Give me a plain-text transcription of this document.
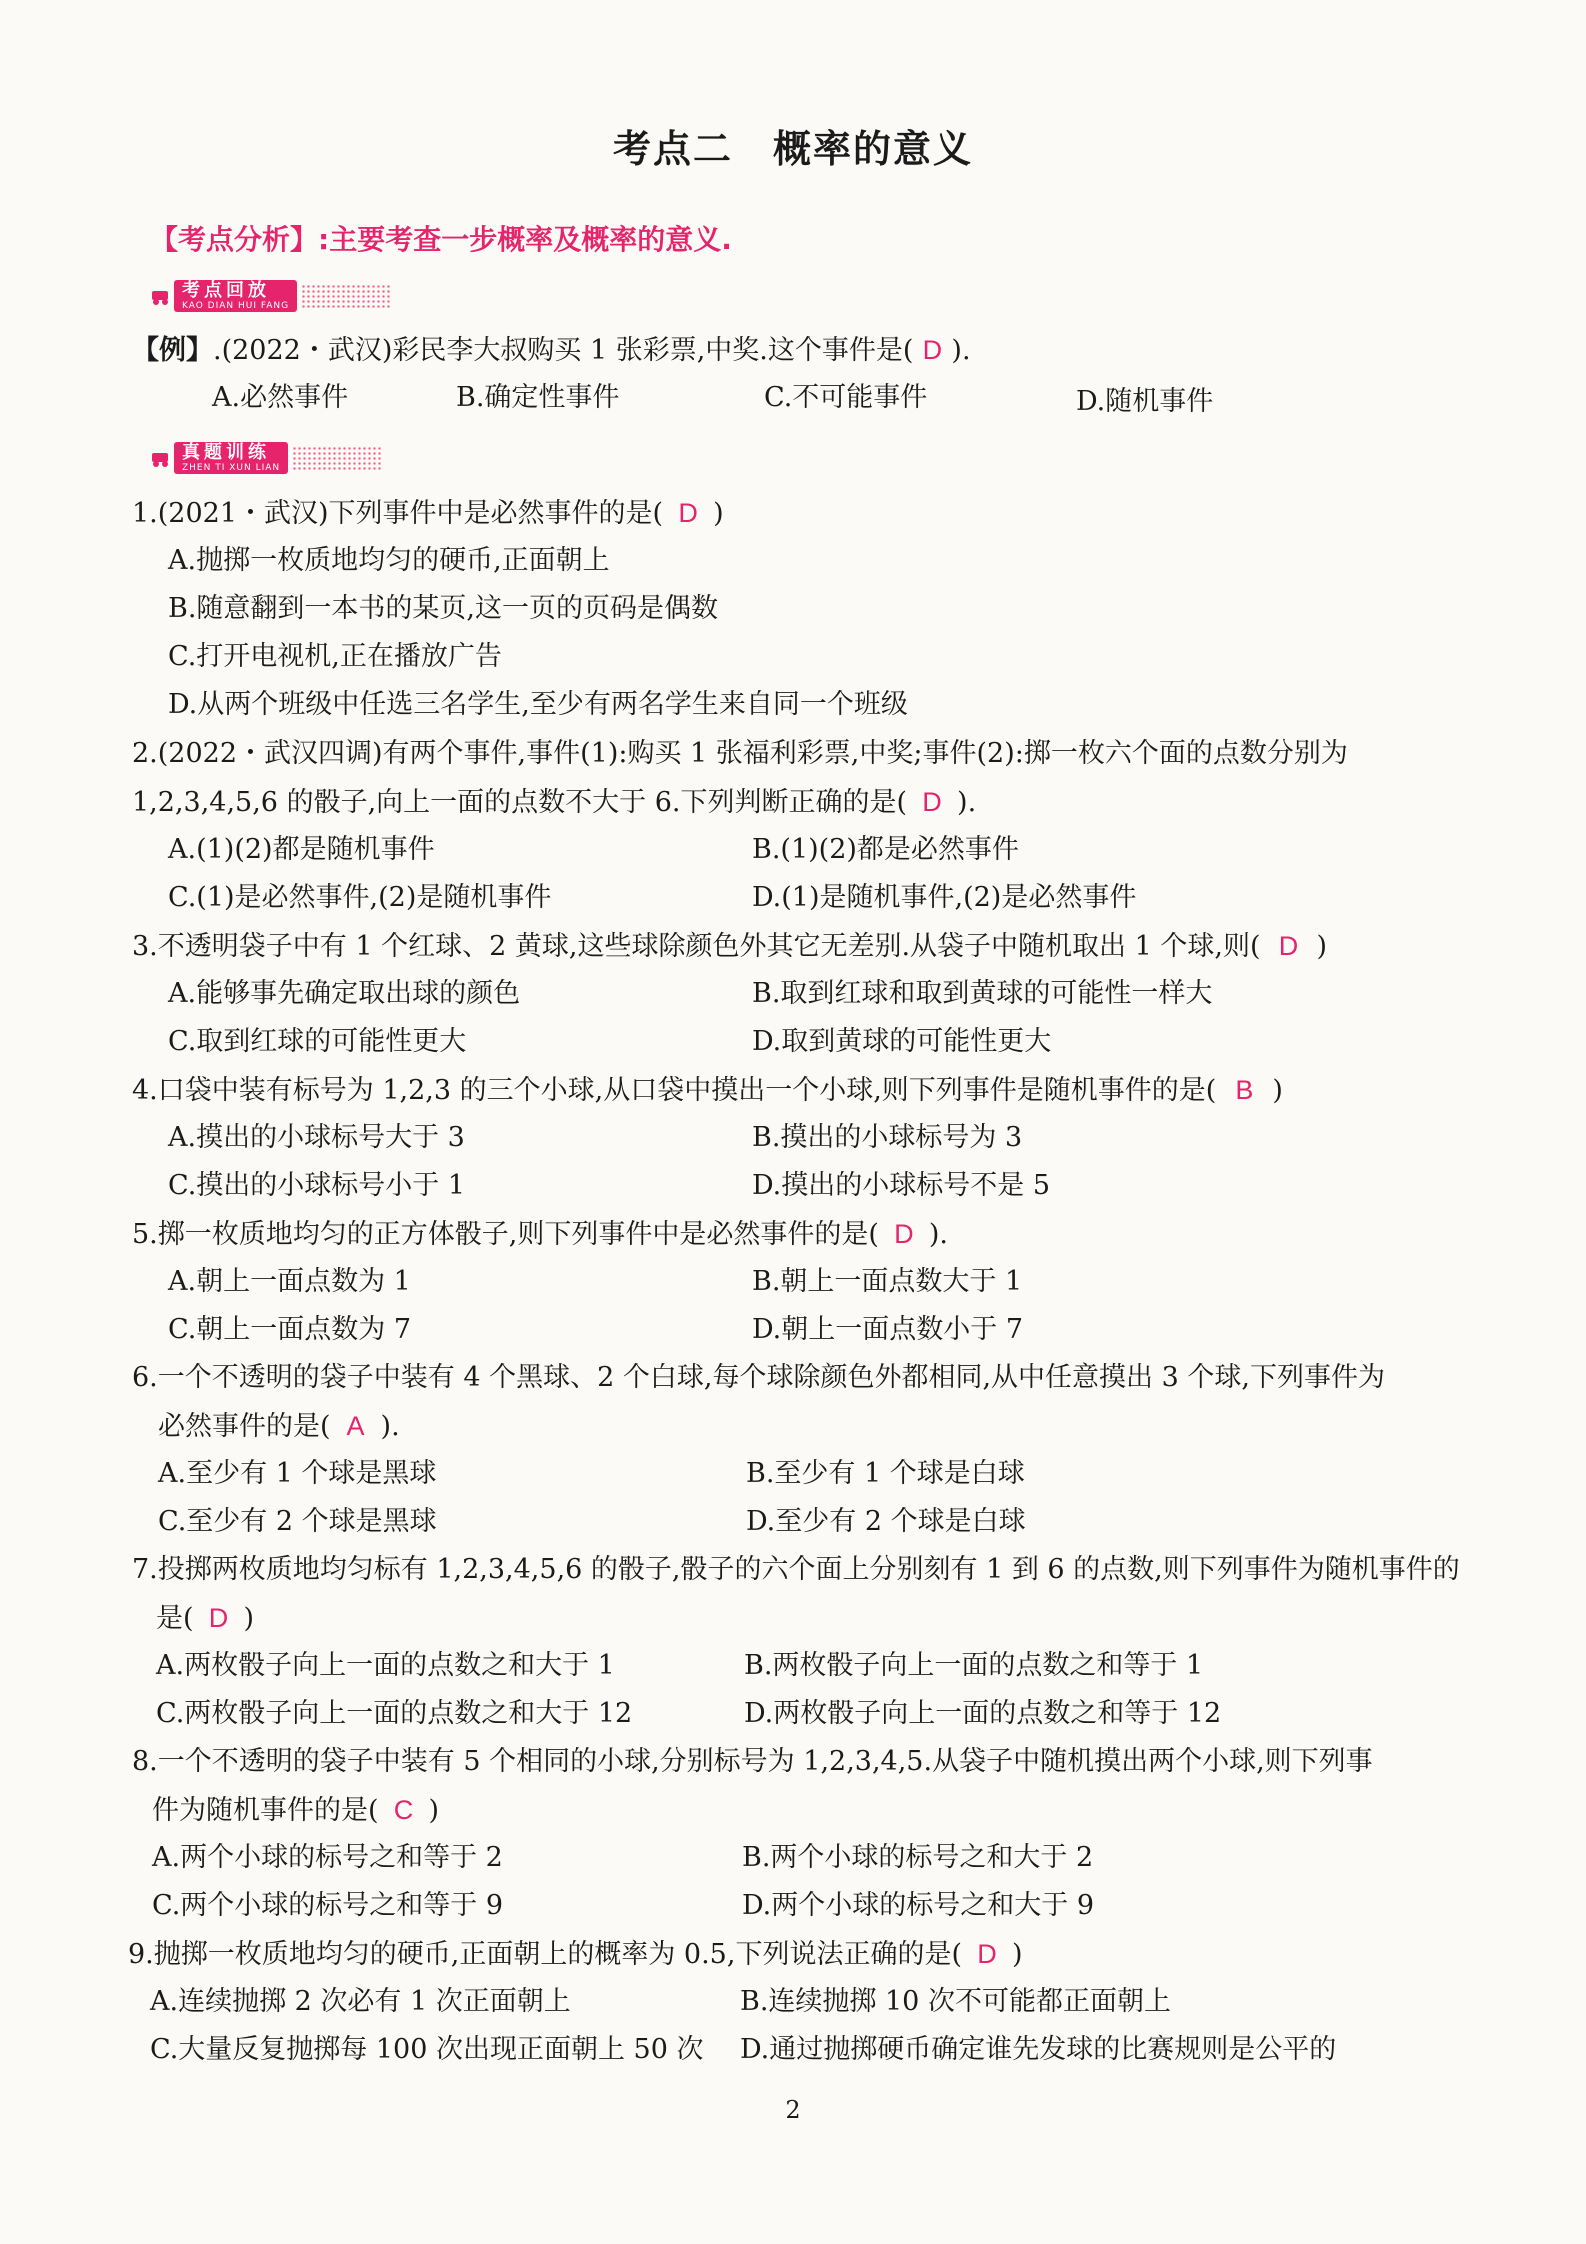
考点二　概率的意义
【考点分析】:主要考查一步概率及概率的意义.
考点回放
KAO DIAN HUI FANG
【例】.(2022・武汉)彩民李大叔购买 1 张彩票,中奖.这个事件是( D ).
A.必然事件	B.确定性事件	C.不可能事件	D.随机事件
真题训练
ZHEN TI XUN LIAN
1.(2021・武汉)下列事件中是必然事件的是( D )
A.抛掷一枚质地均匀的硬币,正面朝上
B.随意翻到一本书的某页,这一页的页码是偶数
C.打开电视机,正在播放广告
D.从两个班级中任选三名学生,至少有两名学生来自同一个班级
2.(2022・武汉四调)有两个事件,事件(1):购买 1 张福利彩票,中奖;事件(2):掷一枚六个面的点数分别为
1,2,3,4,5,6 的骰子,向上一面的点数不大于 6.下列判断正确的是( D ).
A.(1)(2)都是随机事件	B.(1)(2)都是必然事件
C.(1)是必然事件,(2)是随机事件	D.(1)是随机事件,(2)是必然事件
3.不透明袋子中有 1 个红球、2 黄球,这些球除颜色外其它无差别.从袋子中随机取出 1 个球,则( D )
A.能够事先确定取出球的颜色	B.取到红球和取到黄球的可能性一样大
C.取到红球的可能性更大	D.取到黄球的可能性更大
4.口袋中装有标号为 1,2,3 的三个小球,从口袋中摸出一个小球,则下列事件是随机事件的是( B )
A.摸出的小球标号大于 3	B.摸出的小球标号为 3
C.摸出的小球标号小于 1	D.摸出的小球标号不是 5
5.掷一枚质地均匀的正方体骰子,则下列事件中是必然事件的是( D ).
A.朝上一面点数为 1	B.朝上一面点数大于 1
C.朝上一面点数为 7	D.朝上一面点数小于 7
6.一个不透明的袋子中装有 4 个黑球、2 个白球,每个球除颜色外都相同,从中任意摸出 3 个球,下列事件为
必然事件的是( A ).
A.至少有 1 个球是黑球	B.至少有 1 个球是白球
C.至少有 2 个球是黑球	D.至少有 2 个球是白球
7.投掷两枚质地均匀标有 1,2,3,4,5,6 的骰子,骰子的六个面上分别刻有 1 到 6 的点数,则下列事件为随机事件的
是( D )
A.两枚骰子向上一面的点数之和大于 1	B.两枚骰子向上一面的点数之和等于 1
C.两枚骰子向上一面的点数之和大于 12	D.两枚骰子向上一面的点数之和等于 12
8.一个不透明的袋子中装有 5 个相同的小球,分别标号为 1,2,3,4,5.从袋子中随机摸出两个小球,则下列事
件为随机事件的是( C )
A.两个小球的标号之和等于 2	B.两个小球的标号之和大于 2
C.两个小球的标号之和等于 9	D.两个小球的标号之和大于 9
9.抛掷一枚质地均匀的硬币,正面朝上的概率为 0.5,下列说法正确的是( D )
A.连续抛掷 2 次必有 1 次正面朝上	B.连续抛掷 10 次不可能都正面朝上
C.大量反复抛掷每 100 次出现正面朝上 50 次 D.通过抛掷硬币确定谁先发球的比赛规则是公平的
2
